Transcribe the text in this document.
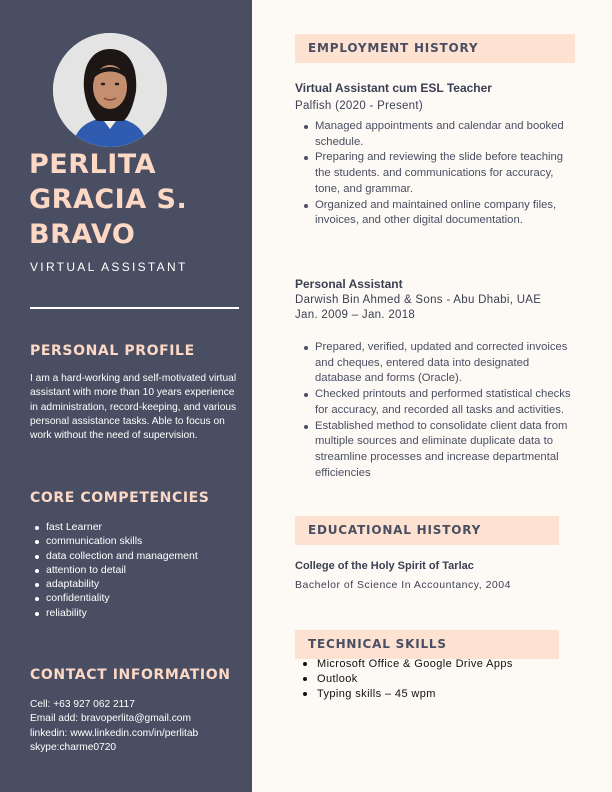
PERLITA
GRACIA S.
BRAVO
VIRTUAL ASSISTANT
PERSONAL PROFILE
I am a hard-working and self-motivated virtual assistant with more than 10 years experience in administration, record-keeping, and various personal assistance tasks. Able to focus on work without the need of supervision.
CORE COMPETENCIES
fast Learner
communication skills
data collection and management
attention to detail
adaptability
confidentiality
reliability
CONTACT INFORMATION
Cell: +63 927 062 2117
Email add: bravoperlita@gmail.com
linkedin: www.linkedin.com/in/perlitab
skype:charme0720
EMPLOYMENT HISTORY
Virtual Assistant cum ESL Teacher
Palfish (2020 - Present)
Managed appointments and calendar and booked schedule.
Preparing and reviewing the slide before teaching the students. and communications for accuracy, tone, and grammar.
Organized and maintained online company files, invoices, and other digital documentation.
Personal Assistant
Darwish Bin Ahmed & Sons - Abu Dhabi, UAE
Jan. 2009 – Jan. 2018
Prepared, verified, updated and corrected invoices and cheques, entered data into designated database and forms (Oracle).
Checked printouts and performed statistical checks for accuracy, and recorded all tasks and activities.
Established method to consolidate client data from multiple sources and eliminate duplicate data to streamline processes and increase departmental efficiencies
EDUCATIONAL HISTORY
College of the Holy Spirit of Tarlac
Bachelor of Science In Accountancy, 2004
TECHNICAL SKILLS
Microsoft Office & Google Drive Apps
Outlook
Typing skills – 45 wpm
